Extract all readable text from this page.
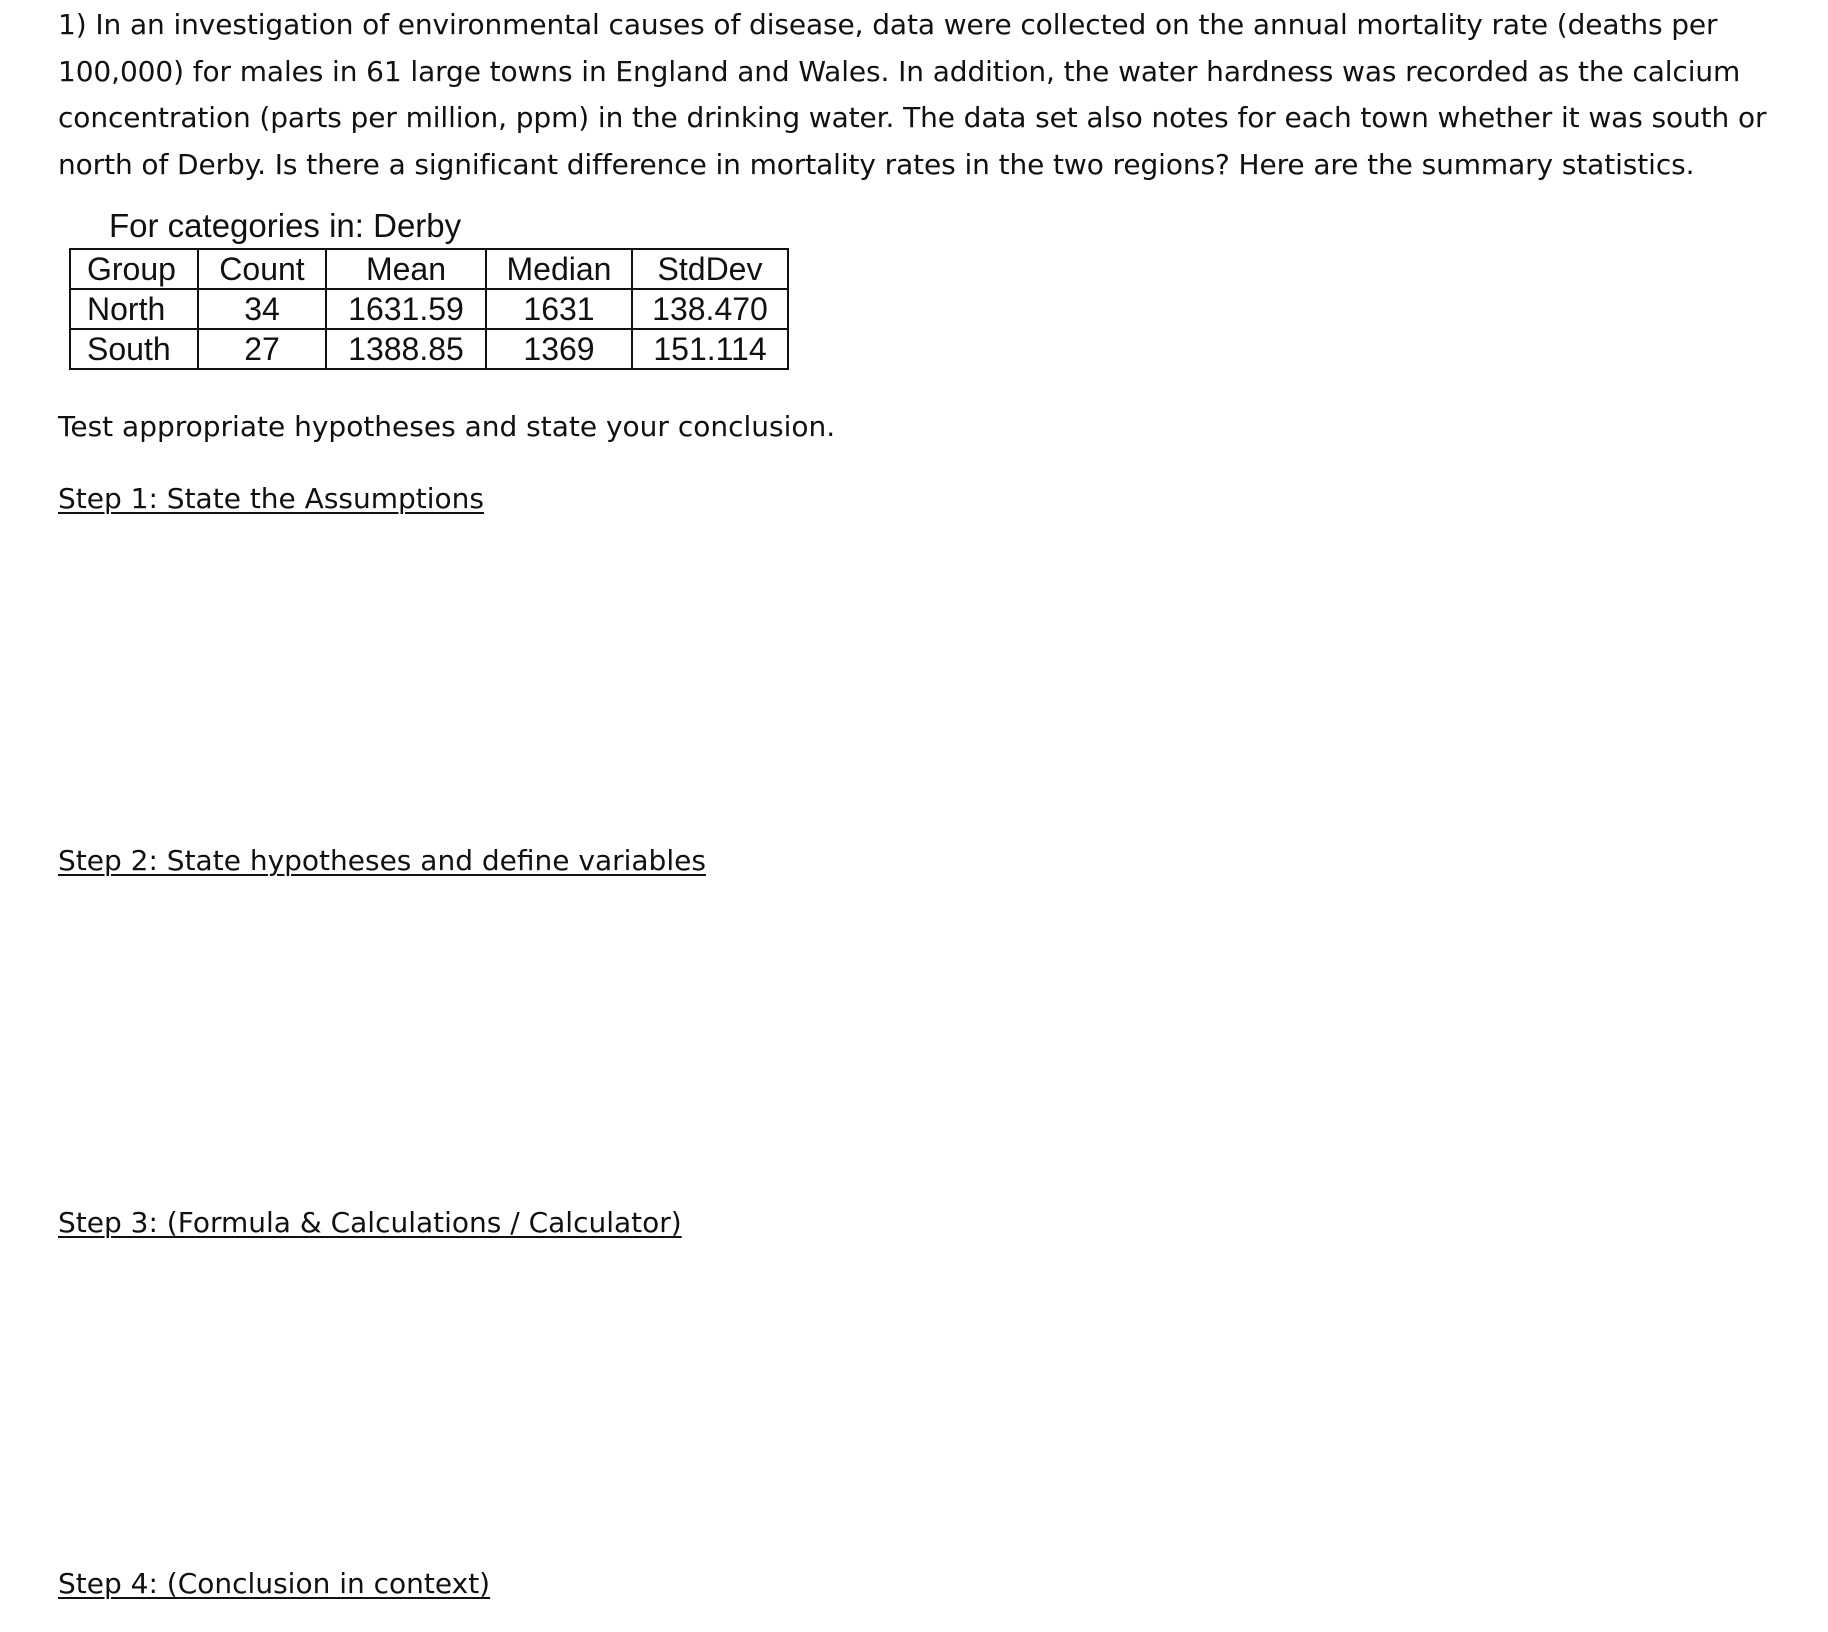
1) In an investigation of environmental causes of disease, data were collected on the annual mortality rate (deaths per 100,000) for males in 61 large towns in England and Wales. In addition, the water hardness was recorded as the calcium concentration (parts per million, ppm) in the drinking water. The data set also notes for each town whether it was south or north of Derby. Is there a significant difference in mortality rates in the two regions? Here are the summary statistics.

For categories in: Derby
Group	Count	Mean	Median	StdDev
North	34	1631.59	1631	138.470
South	27	1388.85	1369	151.114
Test appropriate hypotheses and state your conclusion.
Step 1: State the Assumptions
Step 2: State hypotheses and define variables
Step 3: (Formula & Calculations / Calculator)
Step 4: (Conclusion in context)
